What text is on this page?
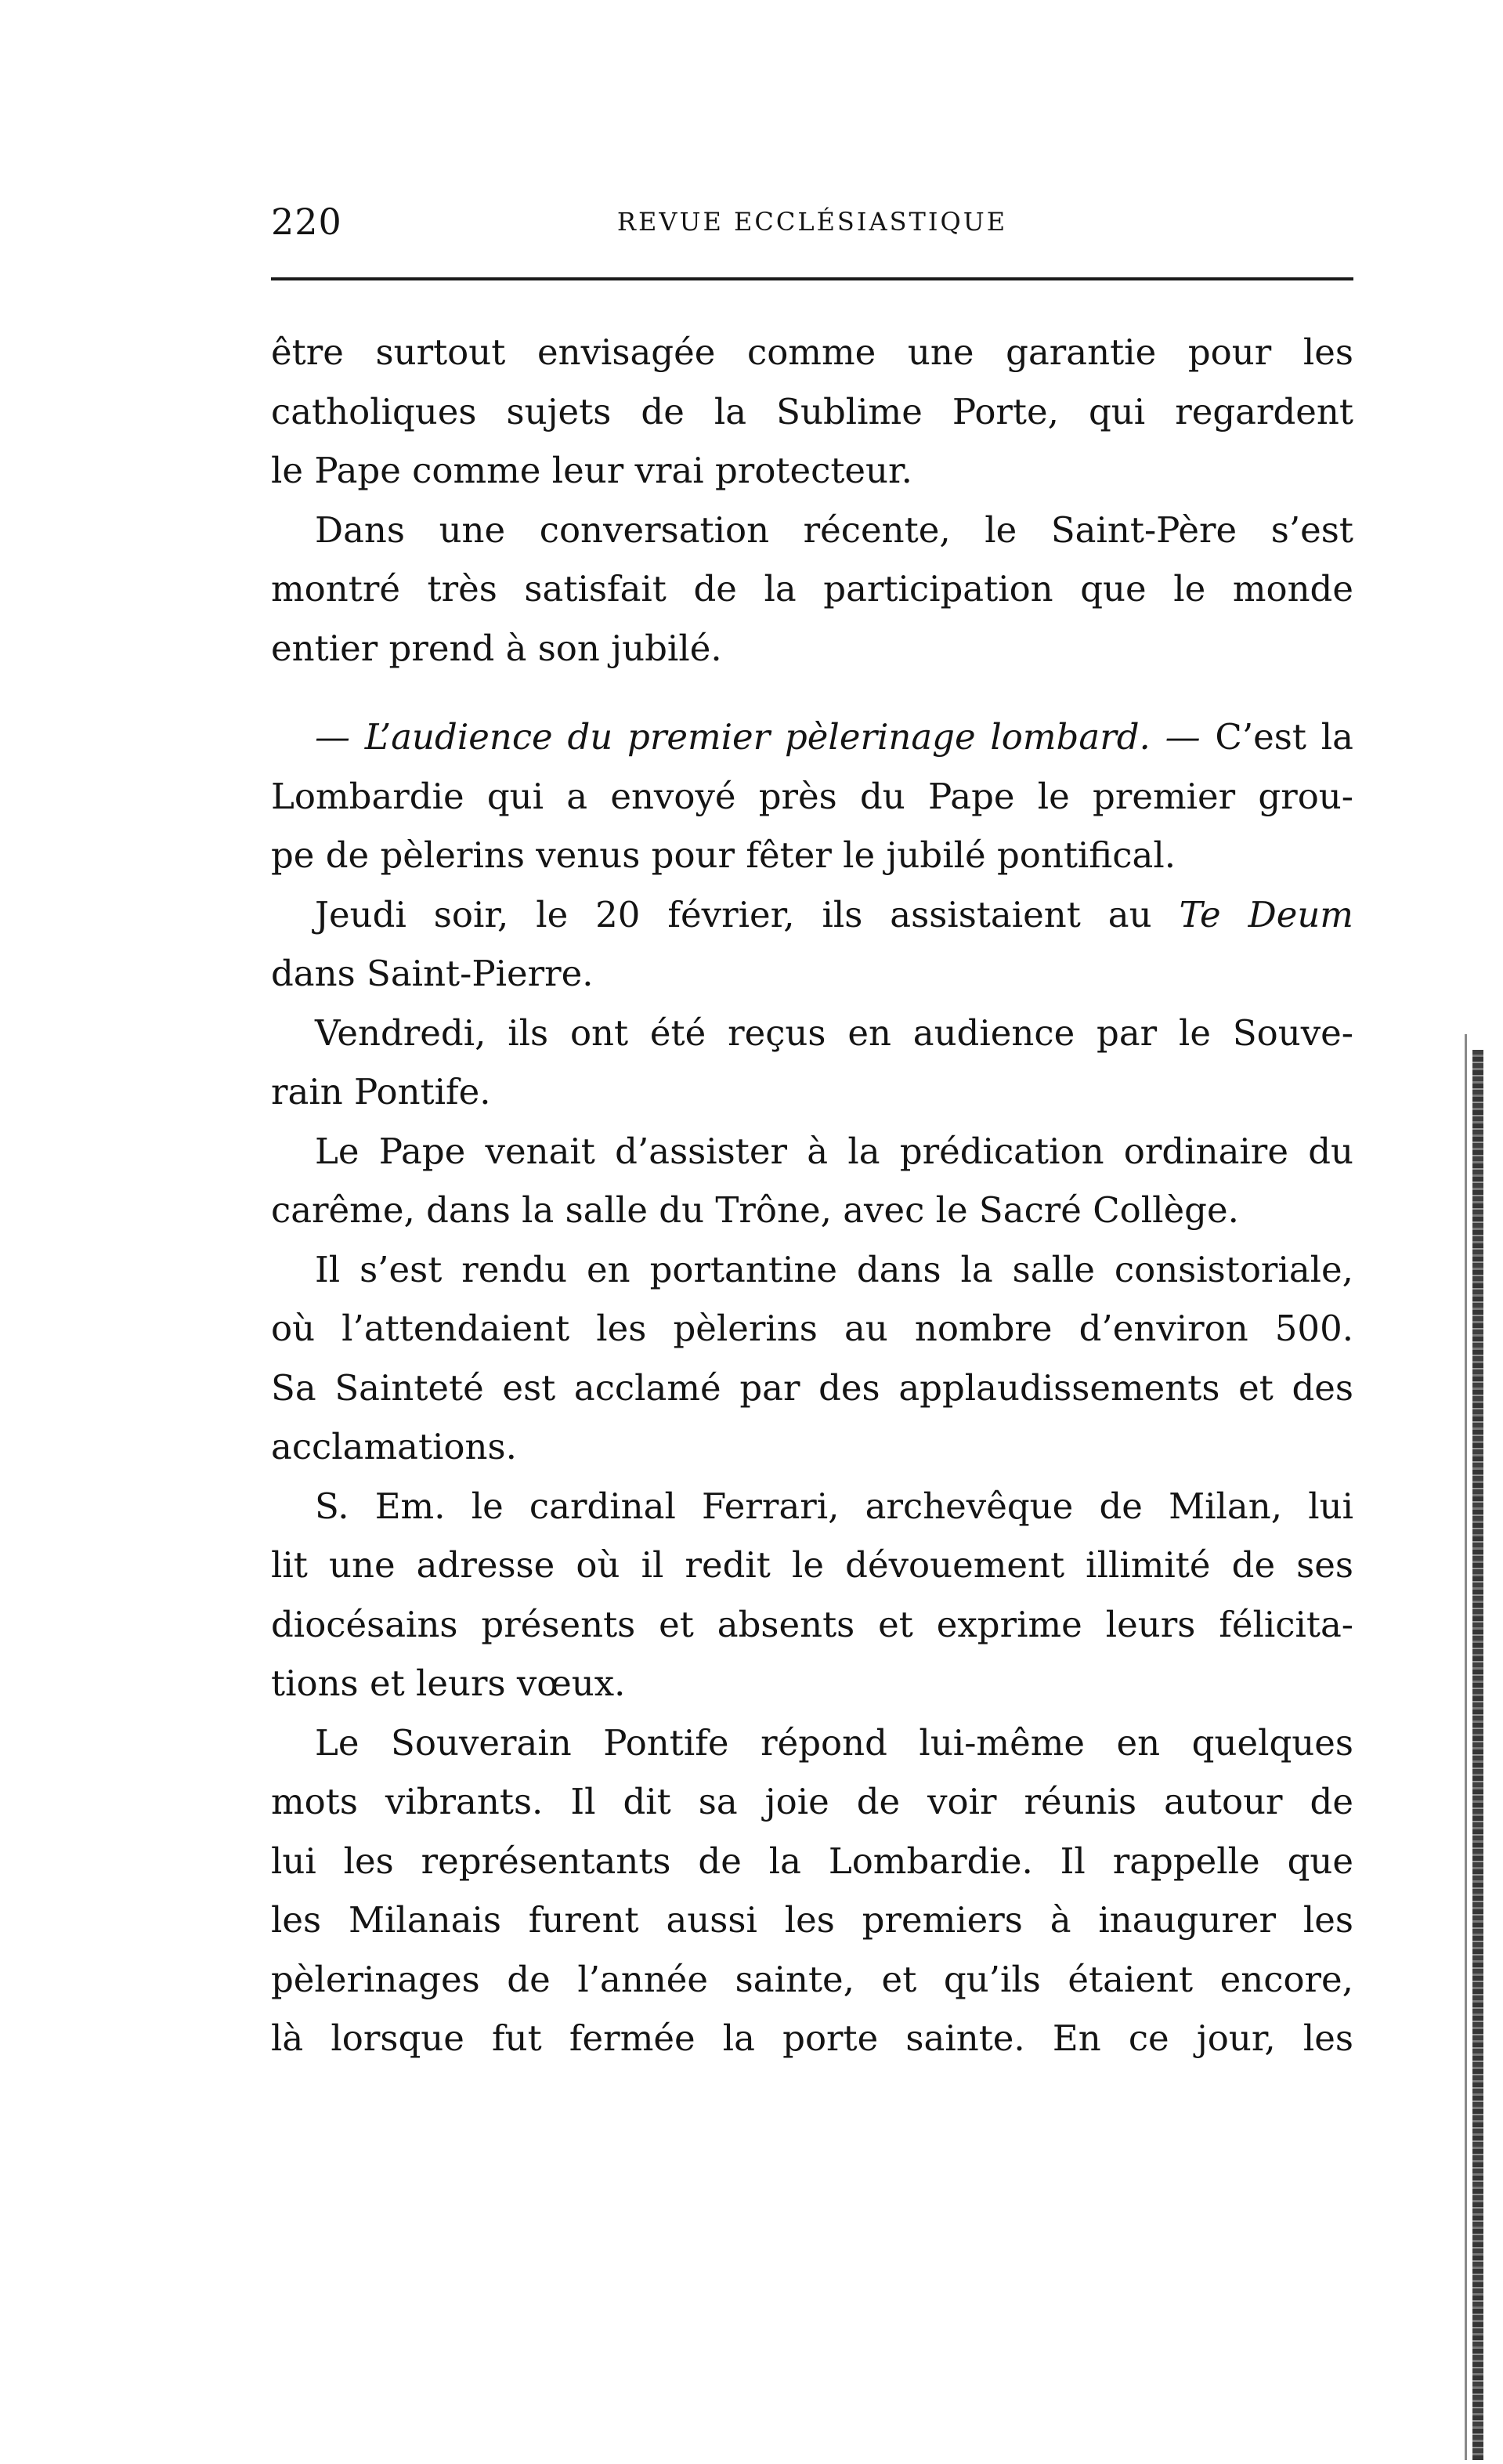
220	REVUE ECCLÉSIASTIQUE
être surtout envisagée comme une garantie pour les
catholiques sujets de la Sublime Porte, qui regardent
le Pape comme leur vrai protecteur.
Dans une conversation récente, le Saint-Père s’est
montré très satisfait de la participation que le monde
entier prend à son jubilé.
— L’audience du premier pèlerinage lombard. — C’est la
Lombardie qui a envoyé près du Pape le premier grou-
pe de pèlerins venus pour fêter le jubilé pontifical.
Jeudi soir, le 20 février, ils assistaient au Te Deum
dans Saint-Pierre.
Vendredi, ils ont été reçus en audience par le Souve-
rain Pontife.
Le Pape venait d’assister à la prédication ordinaire du
carême, dans la salle du Trône, avec le Sacré Collège.
Il s’est rendu en portantine dans la salle consistoriale,
où l’attendaient les pèlerins au nombre d’environ 500.
Sa Sainteté est acclamé par des applaudissements et des
acclamations.
S. Em. le cardinal Ferrari, archevêque de Milan, lui
lit une adresse où il redit le dévouement illimité de ses
diocésains présents et absents et exprime leurs félicita-
tions et leurs vœux.
Le Souverain Pontife répond lui-même en quelques
mots vibrants. Il dit sa joie de voir réunis autour de
lui les représentants de la Lombardie. Il rappelle que
les Milanais furent aussi les premiers à inaugurer les
pèlerinages de l’année sainte, et qu’ils étaient encore,
là lorsque fut fermée la porte sainte. En ce jour, les
